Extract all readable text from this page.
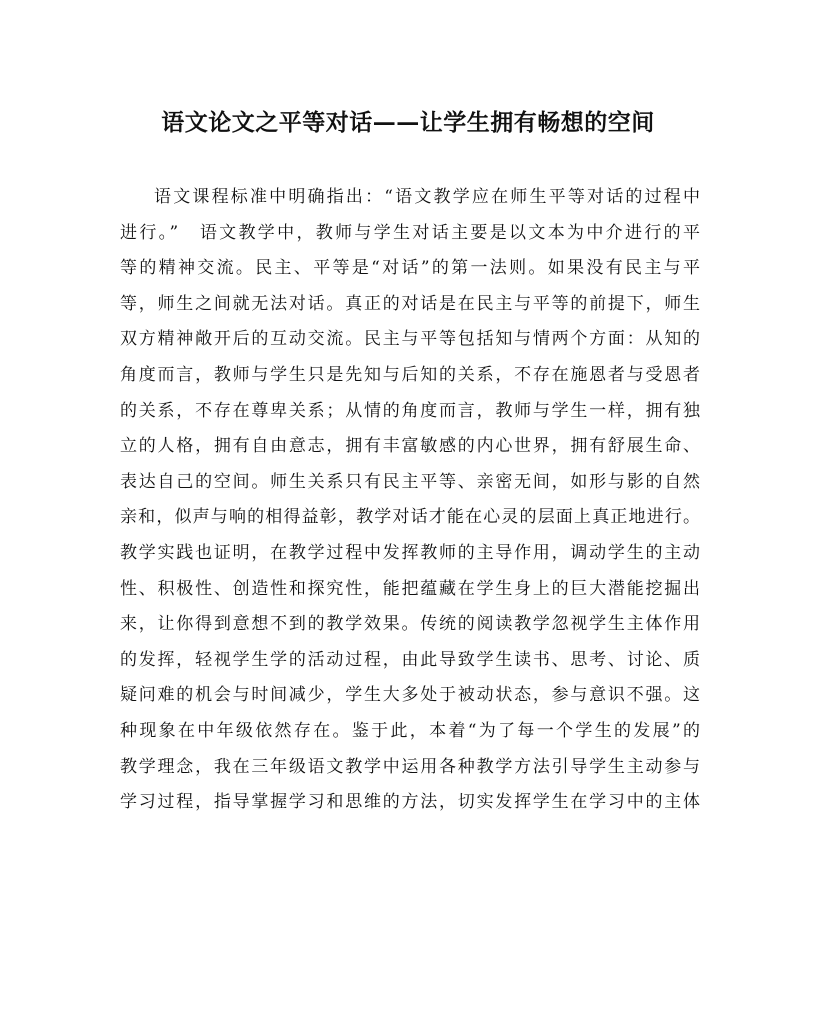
语文论文之平等对话——让学生拥有畅想的空间
语文课程标准中明确指出：“语文教学应在师生平等对话的过程中
进行。”　语文教学中，教师与学生对话主要是以文本为中介进行的平
等的精神交流。民主、平等是“对话”的第一法则。如果没有民主与平
等，师生之间就无法对话。真正的对话是在民主与平等的前提下，师生
双方精神敞开后的互动交流。民主与平等包括知与情两个方面：从知的
角度而言，教师与学生只是先知与后知的关系，不存在施恩者与受恩者
的关系，不存在尊卑关系；从情的角度而言，教师与学生一样，拥有独
立的人格，拥有自由意志，拥有丰富敏感的内心世界，拥有舒展生命、
表达自己的空间。师生关系只有民主平等、亲密无间，如形与影的自然
亲和，似声与响的相得益彰，教学对话才能在心灵的层面上真正地进行。
教学实践也证明，在教学过程中发挥教师的主导作用，调动学生的主动
性、积极性、创造性和探究性，能把蕴藏在学生身上的巨大潜能挖掘出
来，让你得到意想不到的教学效果。传统的阅读教学忽视学生主体作用
的发挥，轻视学生学的活动过程，由此导致学生读书、思考、讨论、质
疑问难的机会与时间减少，学生大多处于被动状态，参与意识不强。这
种现象在中年级依然存在。鉴于此，本着“为了每一个学生的发展”的
教学理念，我在三年级语文教学中运用各种教学方法引导学生主动参与
学习过程，指导掌握学习和思维的方法，切实发挥学生在学习中的主体
